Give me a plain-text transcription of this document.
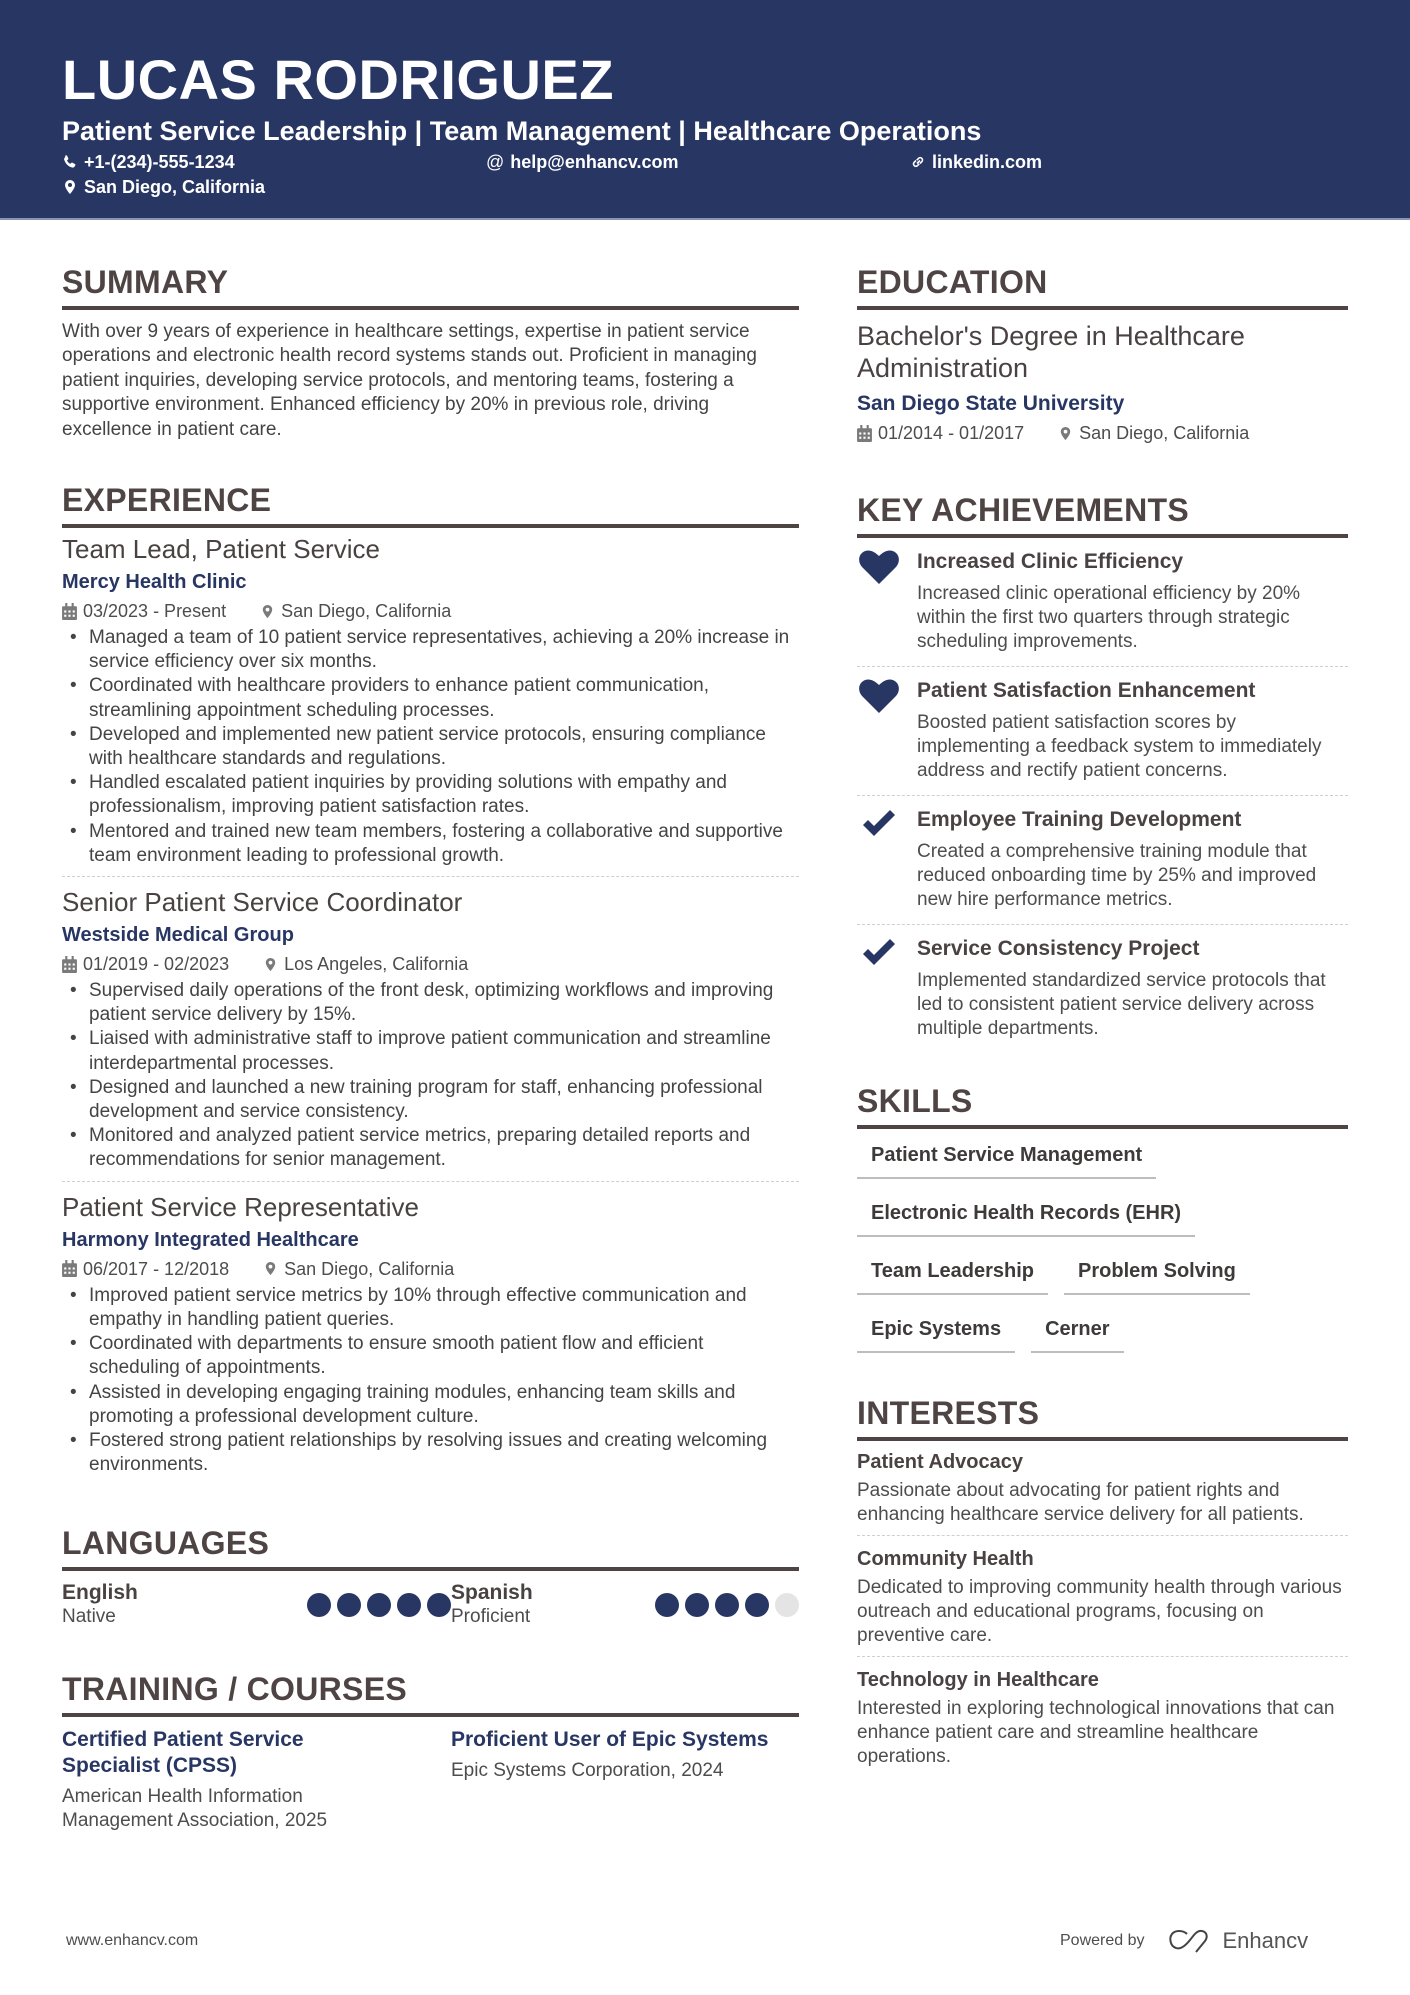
LUCAS RODRIGUEZ
Patient Service Leadership | Team Management | Healthcare Operations
+1-(234)-555-1234	@ help@enhancv.com	linkedin.com
San Diego, California
SUMMARY

With over 9 years of experience in healthcare settings, expertise in patient service operations and electronic health record systems stands out. Proficient in managing patient inquiries, developing service protocols, and mentoring teams, fostering a supportive environment. Enhanced efficiency by 20% in previous role, driving excellence in patient care.

EXPERIENCE
Team Lead, Patient Service
Mercy Health Clinic
03/2023 - Present	San Diego, California
• Managed a team of 10 patient service representatives, achieving a 20% increase in service efficiency over six months.
• Coordinated with healthcare providers to enhance patient communication, streamlining appointment scheduling processes.
• Developed and implemented new patient service protocols, ensuring compliance with healthcare standards and regulations.
• Handled escalated patient inquiries by providing solutions with empathy and professionalism, improving patient satisfaction rates.
• Mentored and trained new team members, fostering a collaborative and supportive team environment leading to professional growth.
Senior Patient Service Coordinator
Westside Medical Group
01/2019 - 02/2023	Los Angeles, California
• Supervised daily operations of the front desk, optimizing workflows and improving patient service delivery by 15%.
• Liaised with administrative staff to improve patient communication and streamline interdepartmental processes.
• Designed and launched a new training program for staff, enhancing professional development and service consistency.
• Monitored and analyzed patient service metrics, preparing detailed reports and recommendations for senior management.
Patient Service Representative
Harmony Integrated Healthcare
06/2017 - 12/2018	San Diego, California
• Improved patient service metrics by 10% through effective communication and empathy in handling patient queries.
• Coordinated with departments to ensure smooth patient flow and efficient scheduling of appointments.
• Assisted in developing engaging training modules, enhancing team skills and promoting a professional development culture.
• Fostered strong patient relationships by resolving issues and creating welcoming environments.
LANGUAGES
English
Native
Spanish
Proficient
TRAINING / COURSES
Certified Patient Service Specialist (CPSS)
American Health Information Management Association, 2025
Proficient User of Epic Systems
Epic Systems Corporation, 2024
EDUCATION
Bachelor's Degree in Healthcare Administration
San Diego State University
01/2014 - 01/2017	San Diego, California
KEY ACHIEVEMENTS
Increased Clinic Efficiency
Increased clinic operational efficiency by 20% within the first two quarters through strategic scheduling improvements.
Patient Satisfaction Enhancement
Boosted patient satisfaction scores by implementing a feedback system to immediately address and rectify patient concerns.
Employee Training Development
Created a comprehensive training module that reduced onboarding time by 25% and improved new hire performance metrics.
Service Consistency Project
Implemented standardized service protocols that led to consistent patient service delivery across multiple departments.
SKILLS
Patient Service Management
Electronic Health Records (EHR)
Team Leadership	Problem Solving
Epic Systems	Cerner
INTERESTS
Patient Advocacy
Passionate about advocating for patient rights and enhancing healthcare service delivery for all patients.
Community Health
Dedicated to improving community health through various outreach and educational programs, focusing on preventive care.
Technology in Healthcare
Interested in exploring technological innovations that can enhance patient care and streamline healthcare operations.
www.enhancv.com	Powered by	Enhancv
